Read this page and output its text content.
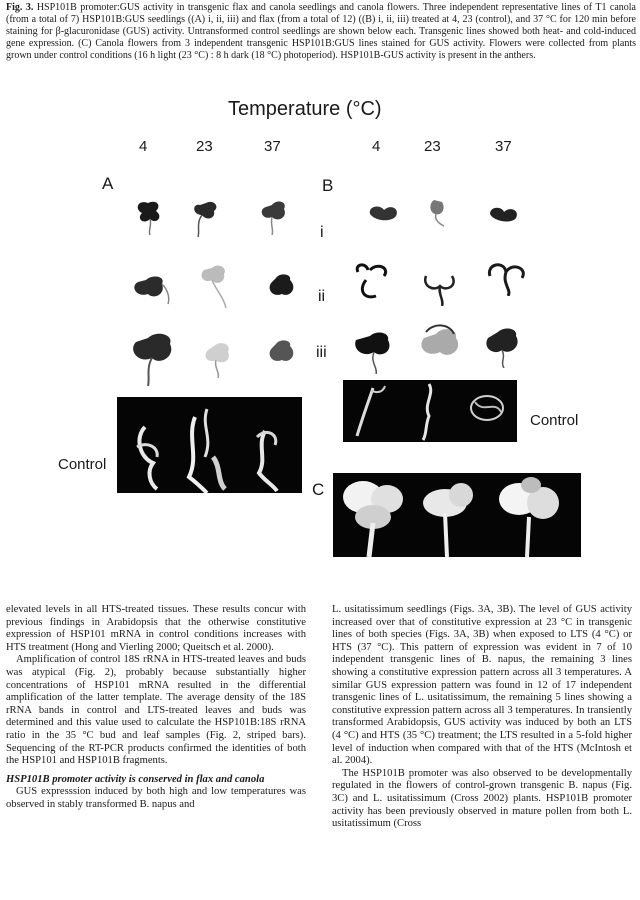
Fig. 3. HSP101B promoter:GUS activity in transgenic flax and canola seedlings and canola flowers. Three independent representative lines of T1 canola (from a total of 7) HSP101B:GUS seedlings ((A) i, ii, iii) and flax (from a total of 12) ((B) i, ii, iii) treated at 4, 23 (control), and 37 °C for 120 min before staining for β-glacuronidase (GUS) activity. Untransformed control seedlings are shown below each. Transgenic lines showed both heat- and cold-induced gene expression. (C) Canola flowers from 3 independent transgenic HSP101B:GUS lines stained for GUS activity. Flowers were collected from plants grown under control conditions (16 h light (23 °C) : 8 h dark (18 °C) photoperiod). HSP101B-GUS activity is present in the anthers.
Temperature (°C)
4	23	37	4	23	37
A	B
C
i
ii
iii
Control
Control

elevated levels in all HTS-treated tissues. These results concur with previous findings in Arabidopsis that the otherwise constitutive expression of HSP101 mRNA in control conditions increases with HTS treatment (Hong and Vierling 2000; Queitsch et al. 2000).

Amplification of control 18S rRNA in HTS-treated leaves and buds was atypical (Fig. 2), probably because substantially higher concentrations of HSP101 mRNA resulted in the differential amplification of the latter template. The average density of the 18S rRNA bands in control and LTS-treated leaves and buds was determined and this value used to calculate the HSP101B:18S rRNA ratio in the 35 °C bud and leaf samples (Fig. 2, striped bars). Sequencing of the RT-PCR products confirmed the identities of both the HSP101 and HSP101B fragments.

HSP101B promoter activity is conserved in flax and canola

GUS expresssion induced by both high and low temperatures was observed in stably transformed B. napus and

L. usitatissimum seedlings (Figs. 3A, 3B). The level of GUS activity increased over that of constitutive expression at 23 °C in transgenic lines of both species (Figs. 3A, 3B) when exposed to LTS (4 °C) or HTS (37 °C). This pattern of expression was evident in 7 of 10 independent transgenic lines of B. napus, the remaining 3 lines showing a constitutive expression pattern across all 3 temperatures. A similar GUS expression pattern was found in 12 of 17 independent transgenic lines of L. usitatissimum, the remaining 5 lines showing a constitutive expression pattern across all 3 temperatures. In transiently transformed Arabidopsis, GUS activity was induced by both an LTS (4 °C) and HTS (35 °C) treatment; the LTS resulted in a 5-fold higher level of induction when compared with that of the HTS (McIntosh et al. 2004).

The HSP101B promoter was also observed to be developmentally regulated in the flowers of control-grown transgenic B. napus (Fig. 3C) and L. usitatissimum (Cross 2002) plants. HSP101B promoter activity has been previously observed in mature pollen from both L. usitatissimum (Cross
